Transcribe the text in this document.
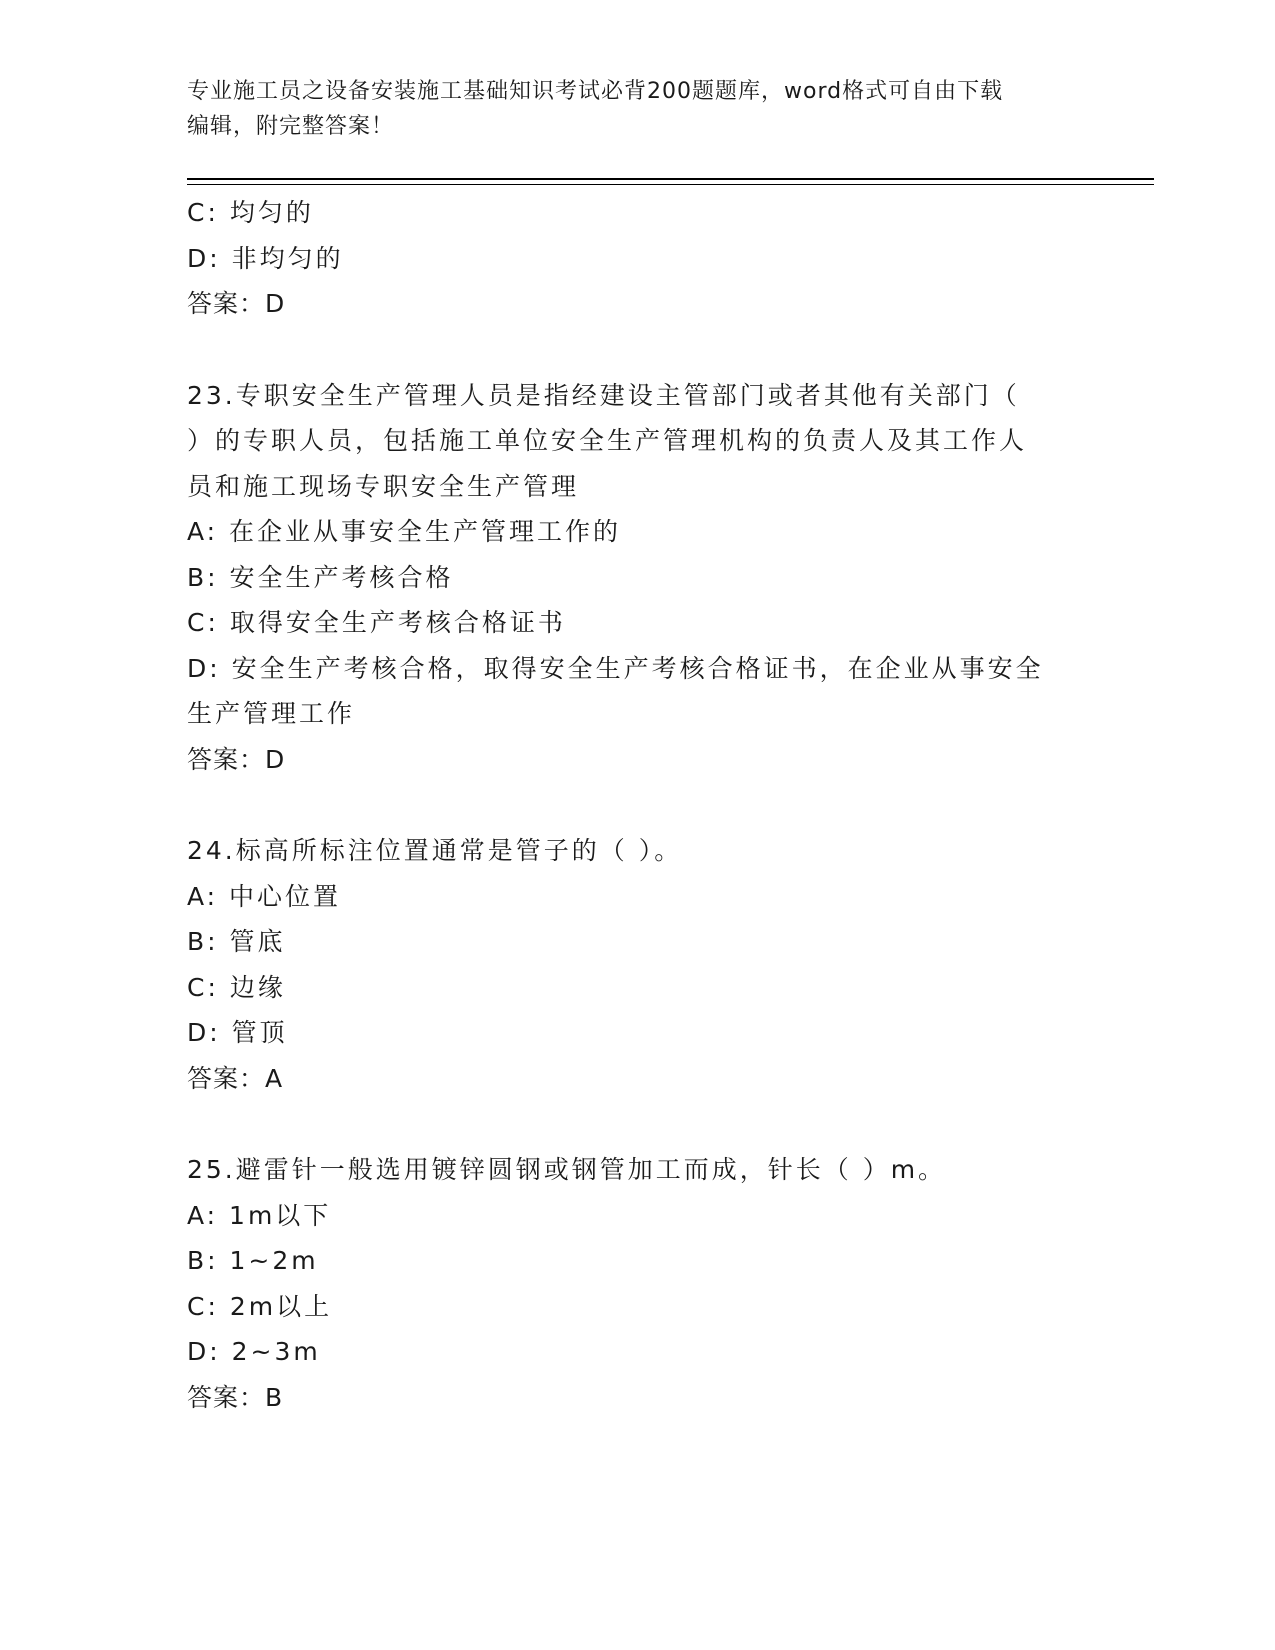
专业施工员之设备安装施工基础知识考试必背200题题库，word格式可自由下载
编辑，附完整答案！
C: 均匀的
D: 非均匀的
答案：D
23.专职安全生产管理人员是指经建设主管部门或者其他有关部门（
）的专职人员，包括施工单位安全生产管理机构的负责人及其工作人
员和施工现场专职安全生产管理
A: 在企业从事安全生产管理工作的
B: 安全生产考核合格
C: 取得安全生产考核合格证书
D: 安全生产考核合格，取得安全生产考核合格证书，在企业从事安全
生产管理工作
答案：D
24.标高所标注位置通常是管子的（ ）。
A: 中心位置
B: 管底
C: 边缘
D: 管顶
答案：A
25.避雷针一般选用镀锌圆钢或钢管加工而成，针长（ ）m。
A: 1m以下
B: 1~2m
C: 2m以上
D: 2~3m
答案：B
